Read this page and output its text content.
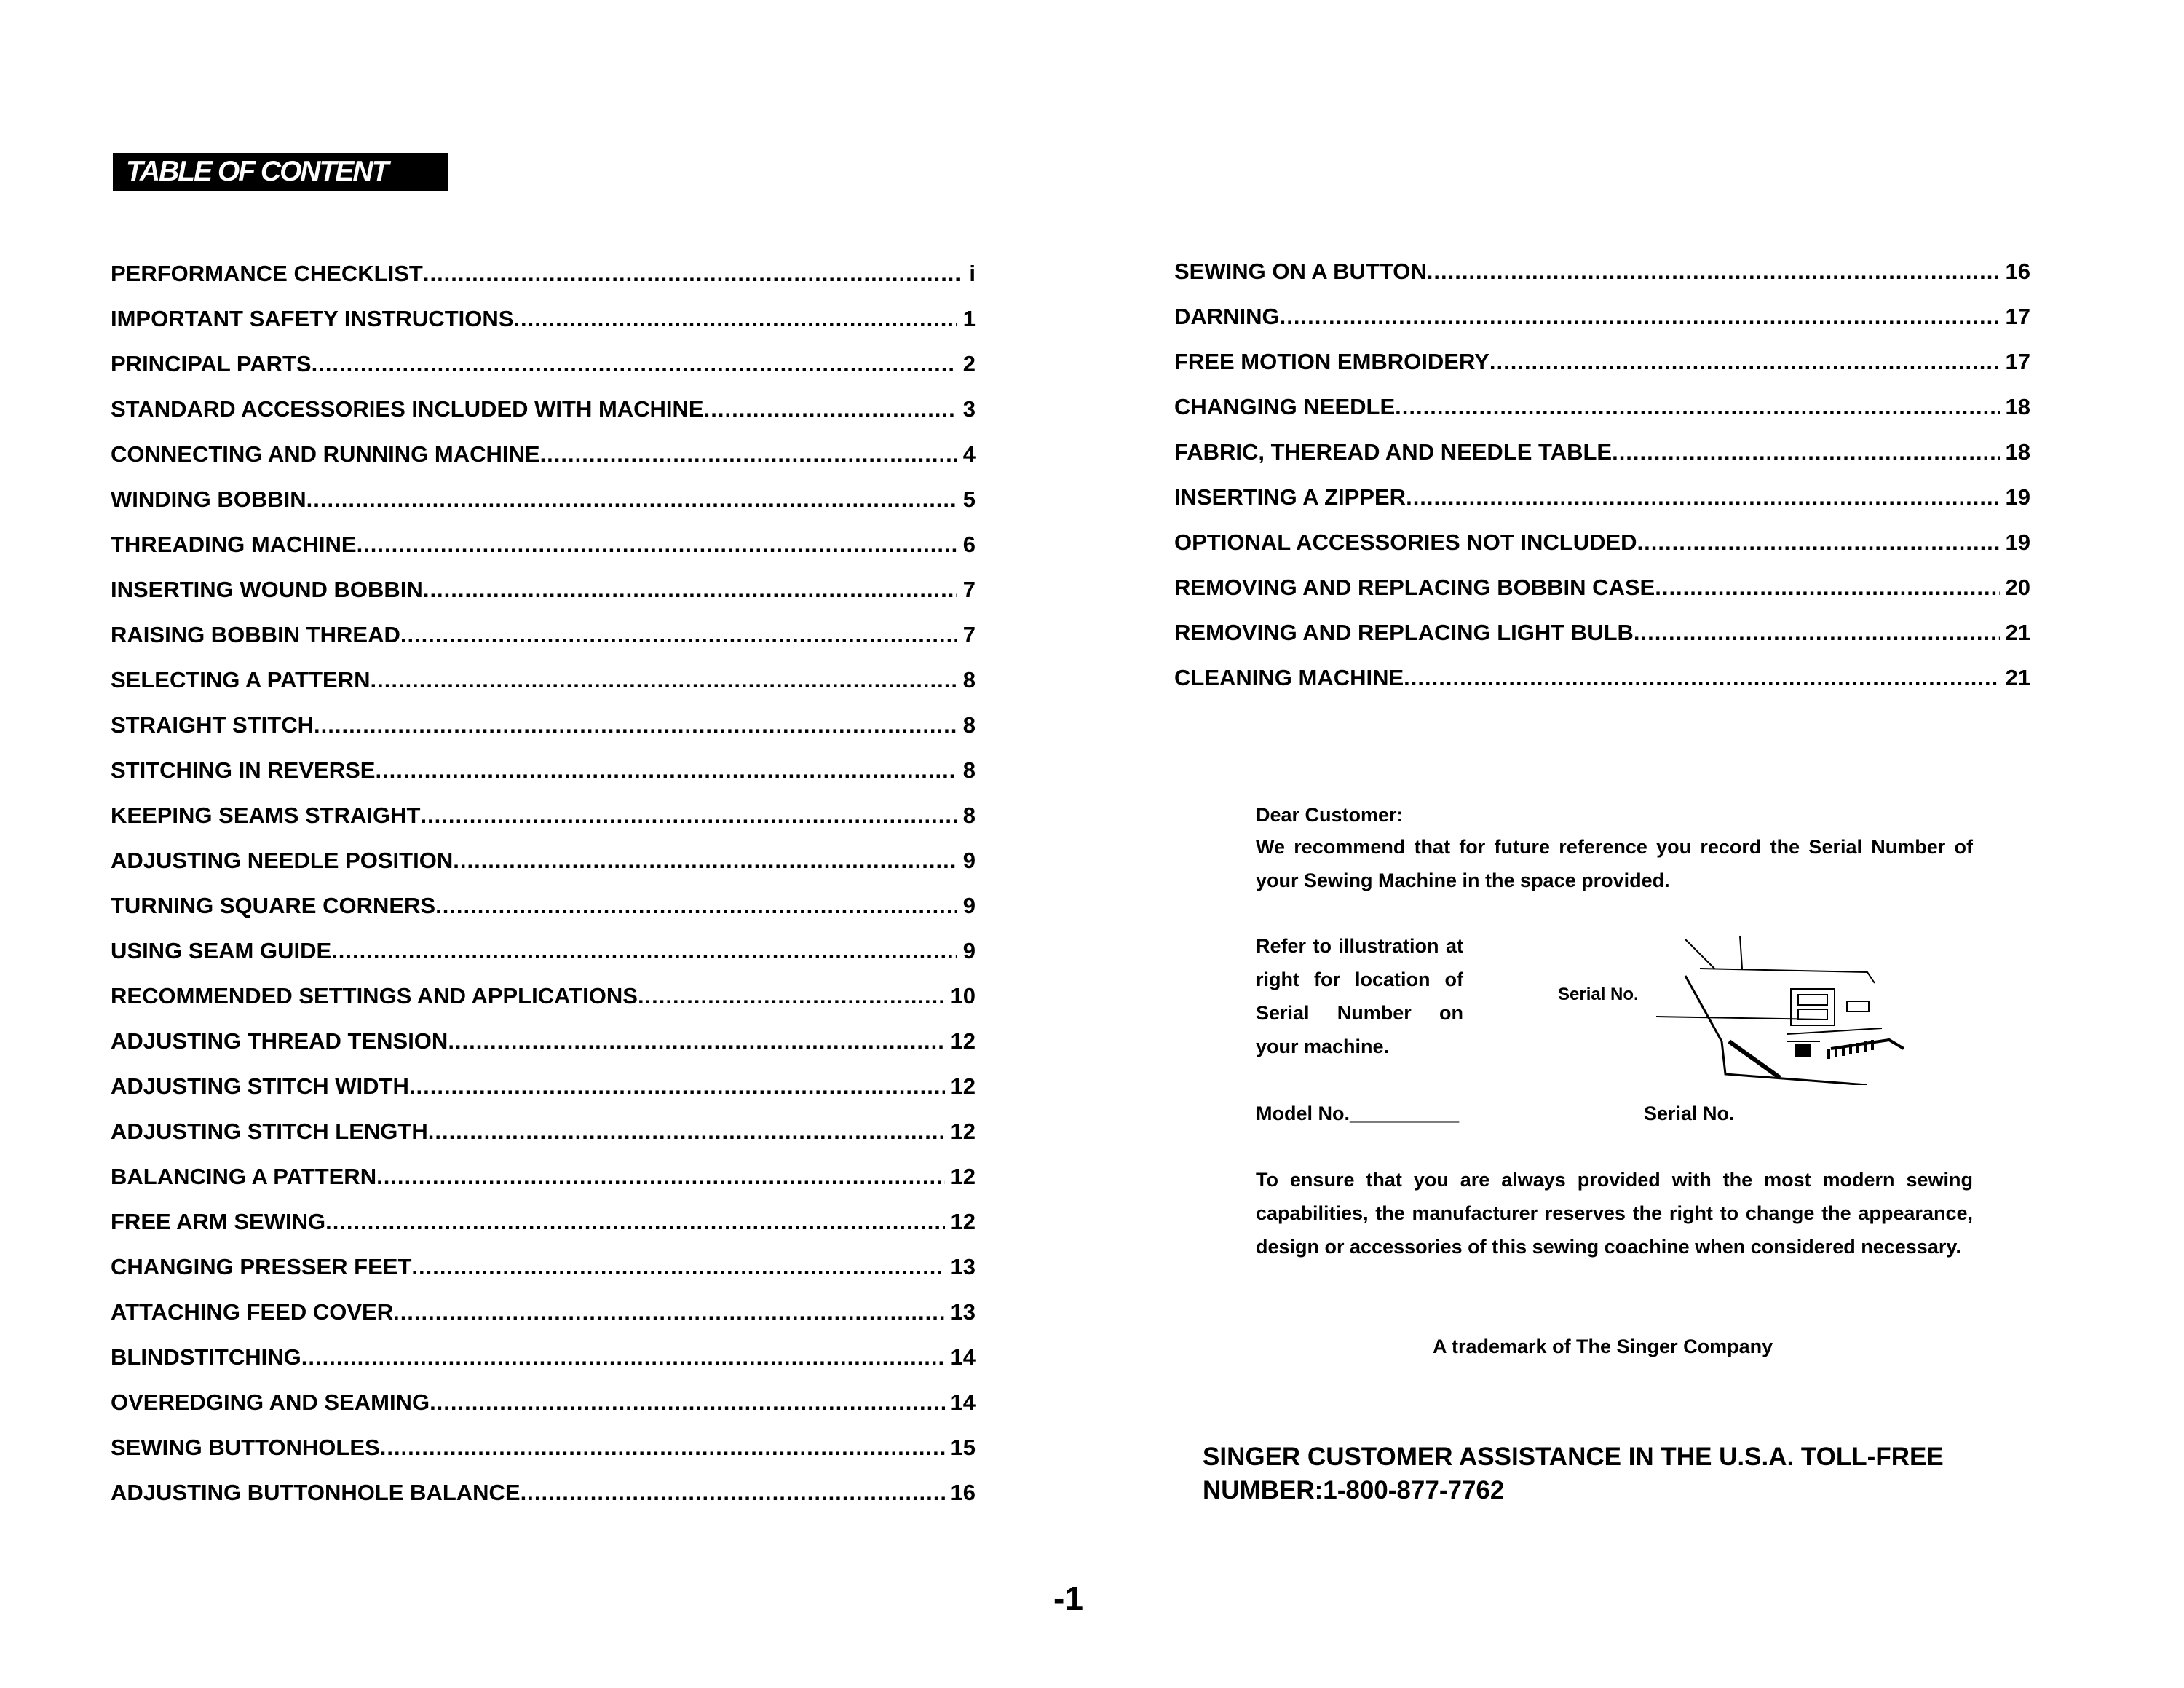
TABLE OF CONTENT
PERFORMANCE CHECKLIST .....	i
IMPORTANT SAFETY INSTRUCTIONS .....	1
PRINCIPAL PARTS .....	2
STANDARD ACCESSORIES INCLUDED WITH MACHINE .....	3
CONNECTING AND RUNNING MACHINE .....	4
WINDING BOBBIN .....	5
THREADING MACHINE .....	6
INSERTING WOUND BOBBIN .....	7
RAISING BOBBIN THREAD .....	7
SELECTING A PATTERN .....	8
STRAIGHT STITCH .....	8
STITCHING IN REVERSE .....	8
KEEPING SEAMS STRAIGHT .....	8
ADJUSTING NEEDLE POSITION .....	9
TURNING SQUARE CORNERS .....	9
USING SEAM GUIDE .....	9
RECOMMENDED SETTINGS AND APPLICATIONS .....	10
ADJUSTING THREAD TENSION .....	12
ADJUSTING STITCH WIDTH .....	12
ADJUSTING STITCH LENGTH .....	12
BALANCING A PATTERN .....	12
FREE ARM SEWING .....	12
CHANGING PRESSER FEET .....	13
ATTACHING FEED COVER .....	13
BLINDSTITCHING .....	14
OVEREDGING AND SEAMING .....	14
SEWING BUTTONHOLES .....	15
ADJUSTING BUTTONHOLE BALANCE .....	16
SEWING ON A BUTTON .....	16
DARNING .....	17
FREE MOTION EMBROIDERY .....	17
CHANGING NEEDLE .....	18
FABRIC, THEREAD AND NEEDLE TABLE .....	18
INSERTING A ZIPPER .....	19
OPTIONAL ACCESSORIES NOT INCLUDED .....	19
REMOVING AND REPLACING BOBBIN CASE .....	20
REMOVING AND REPLACING LIGHT BULB .....	21
CLEANING MACHINE .....	21
Dear Customer:
We recommend that for future reference you record the Serial Number of your Sewing Machine in the space provided.
Refer to illustration at right for location of Serial Number on your machine.
Serial No.
Model No.__________	Serial No.
To ensure that you are always provided with the most modern sewing capabilities, the manufacturer reserves the right to change the appearance, design or accessories of this sewing coachine when considered necessary.
A trademark of The Singer Company
SINGER CUSTOMER ASSISTANCE IN THE U.S.A. TOLL-FREE NUMBER:1-800-877-7762
-1
